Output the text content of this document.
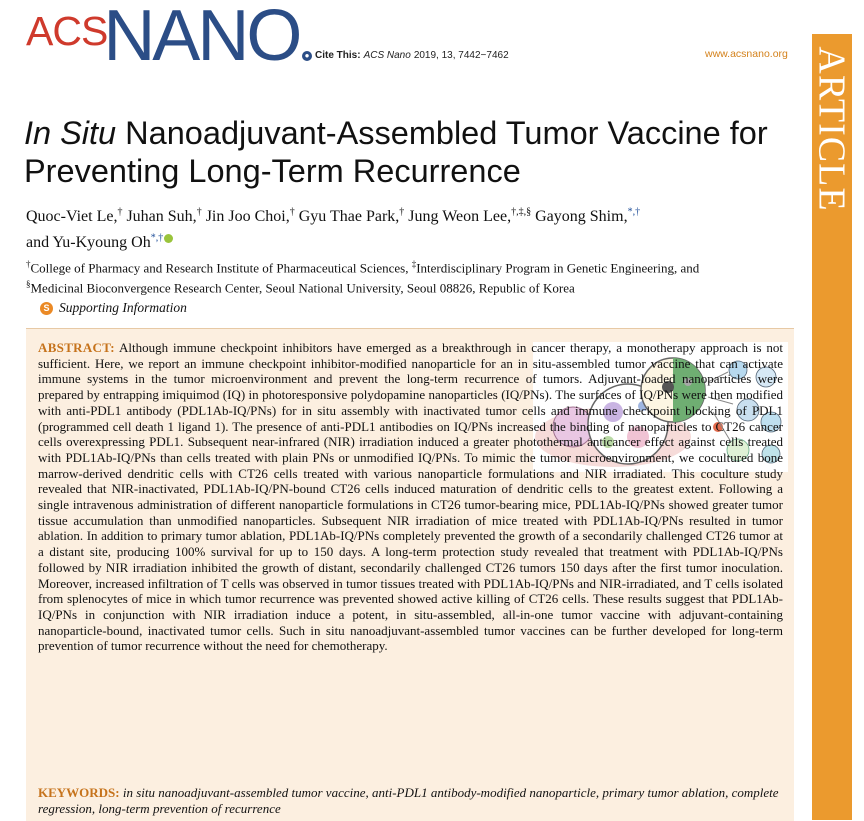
ACS
NANO ● Cite This: ACS Nano 2019, 13, 7442−7462	www.acsnano.org ARTICLE
In Situ Nanoadjuvant-Assembled Tumor Vaccine for Preventing Long-Term Recurrence
Quoc-Viet Le,† Juhan Suh,† Jin Joo Choi,† Gyu Thae Park,† Jung Weon Lee,†,‡,§ Gayong Shim,*,†
and Yu-Kyoung Oh*,†
†College of Pharmacy and Research Institute of Pharmaceutical Sciences, ‡Interdisciplinary Program in Genetic Engineering, and
§Medicinal Bioconvergence Research Center, Seoul National University, Seoul 08826, Republic of Korea
S Supporting Information
ABSTRACT: Although immune checkpoint inhibitors have emerged as a breakthrough in cancer therapy, a monotherapy approach is not sufficient. Here, we report an immune checkpoint inhibitor-modified nanoparticle for an in situ-assembled tumor vaccine that can activate immune systems in the tumor microenvironment and prevent the long-term recurrence of tumors. Adjuvant-loaded nanoparticles were prepared by entrapping imiquimod (IQ) in photoresponsive polydopamine nanoparticles (IQ/PNs). The surfaces of IQ/PNs were then modified with anti-PDL1 antibody (PDL1Ab-IQ/PNs) for in situ assembly with inactivated tumor cells and immune checkpoint blocking of PDL1 (programmed cell death 1 ligand 1). The presence of anti-PDL1 antibodies on IQ/PNs increased the binding of nanoparticles to CT26 cancer cells overexpressing PDL1. Subsequent near-infrared (NIR) irradiation induced a greater photothermal anticancer effect against cells treated with PDL1Ab-IQ/PNs than cells treated with plain PNs or unmodified IQ/PNs. To mimic the tumor microenvironment, we cocultured bone marrow-derived dendritic cells with CT26 cells treated with various nanoparticle formulations and NIR irradiated. This coculture study revealed that NIR-inactivated, PDL1Ab-IQ/PN-bound CT26 cells induced maturation of dendritic cells to the greatest extent. Following a single intravenous administration of different nanoparticle formulations in CT26 tumor-bearing mice, PDL1Ab-IQ/PNs showed greater tumor tissue accumulation than unmodified nanoparticles. Subsequent NIR irradiation of mice treated with PDL1Ab-IQ/PNs resulted in tumor ablation. In addition to primary tumor ablation, PDL1Ab-IQ/PNs completely prevented the growth of a secondarily challenged CT26 tumor at a distant site, producing 100% survival for up to 150 days. A long-term protection study revealed that treatment with PDL1Ab-IQ/PNs followed by NIR irradiation inhibited the growth of distant, secondarily challenged CT26 tumors 150 days after the first tumor inoculation. Moreover, increased infiltration of T cells was observed in tumor tissues treated with PDL1Ab-IQ/PNs and NIR-irradiated, and T cells isolated from splenocytes of mice in which tumor recurrence was prevented showed active killing of CT26 cells. These results suggest that PDL1Ab-IQ/PNs in conjunction with NIR irradiation induce a potent, in situ-assembled, all-in-one tumor vaccine with adjuvant-containing nanoparticle-bound, inactivated tumor cells. Such in situ nanoadjuvant-assembled tumor vaccines can be further developed for long-term prevention of tumor recurrence without the need for chemotherapy.
KEYWORDS: in situ nanoadjuvant-assembled tumor vaccine, anti-PDL1 antibody-modified nanoparticle, primary tumor ablation, complete regression, long-term prevention of recurrence
